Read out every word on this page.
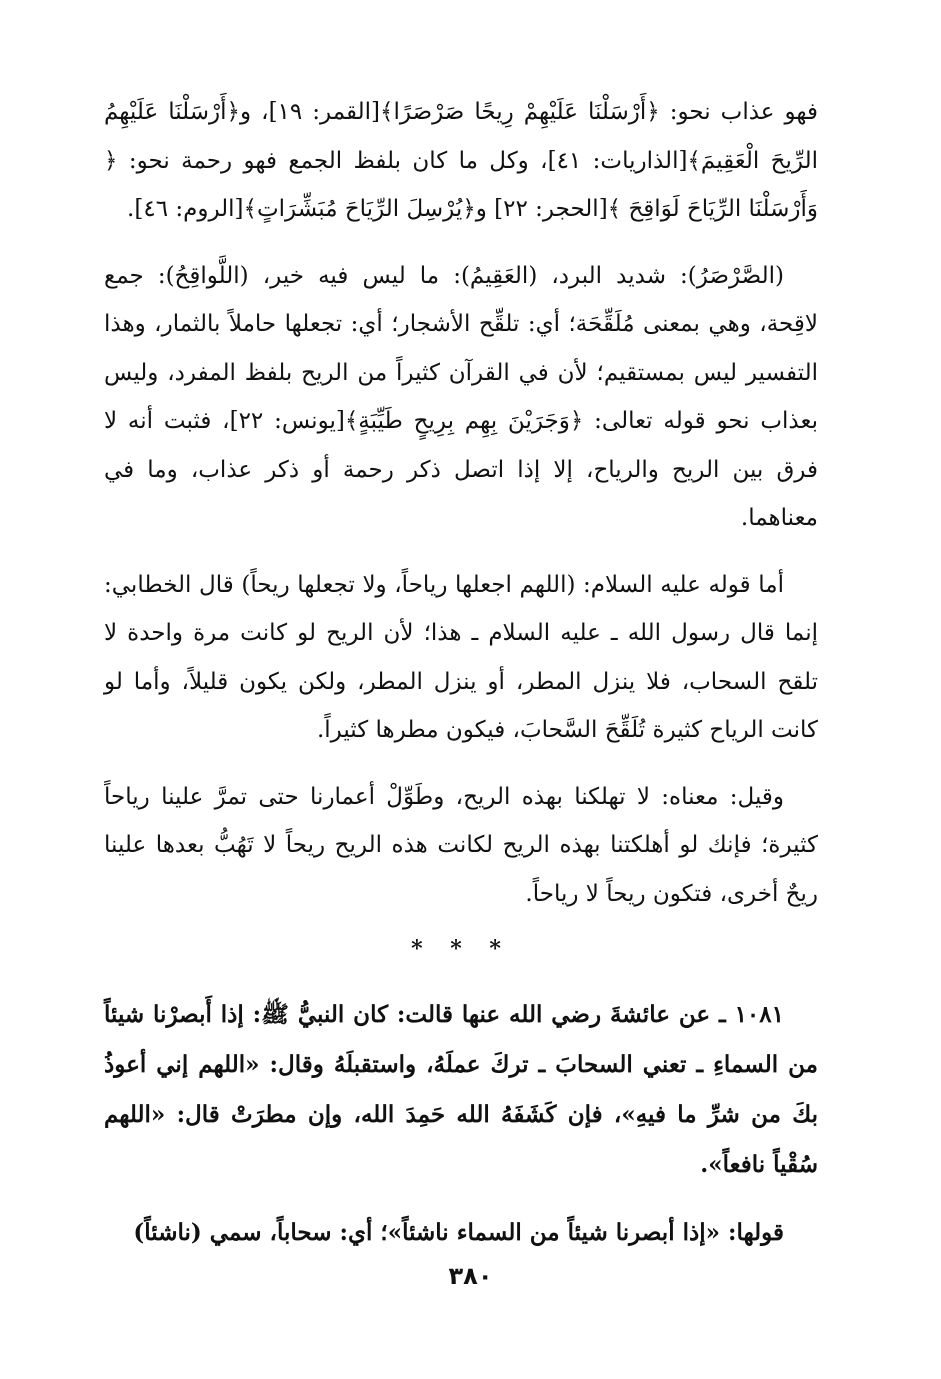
فهو عذاب نحو: ﴿أَرْسَلْنَا عَلَيْهِمْ رِيحًا صَرْصَرًا﴾[القمر: ١٩]، و﴿أَرْسَلْنَا عَلَيْهِمُ الرِّيحَ الْعَقِيمَ﴾[الذاريات: ٤١]، وكل ما كان بلفظ الجمع فهو رحمة نحو: ﴿ وَأَرْسَلْنَا الرِّيَاحَ لَوَاقِحَ ﴾[الحجر: ٢٢] و﴿يُرْسِلَ الرِّيَاحَ مُبَشِّرَاتٍ﴾[الروم: ٤٦].

(الصَّرْصَرُ): شديد البرد، (العَقِيمُ): ما ليس فيه خير، (اللَّواقِحُ): جمع لاقِحة، وهي بمعنى مُلَقِّحَة؛ أي: تلقِّح الأشجار؛ أي: تجعلها حاملاً بالثمار، وهذا التفسير ليس بمستقيم؛ لأن في القرآن كثيراً من الريح بلفظ المفرد، وليس بعذاب نحو قوله تعالى: ﴿وَجَرَيْنَ بِهِم بِرِيحٍ طَيِّبَةٍ﴾[يونس: ٢٢]، فثبت أنه لا فرق بين الريح والرياح، إلا إذا اتصل ذكر رحمة أو ذكر عذاب، وما في معناهما.

أما قوله عليه السلام: (اللهم اجعلها رياحاً، ولا تجعلها ريحاً) قال الخطابي: إنما قال رسول الله ـ عليه السلام ـ هذا؛ لأن الريح لو كانت مرة واحدة لا تلقح السحاب، فلا ينزل المطر، أو ينزل المطر، ولكن يكون قليلاً، وأما لو كانت الرياح كثيرة تُلَقِّحَ السَّحابَ، فيكون مطرها كثيراً.

وقيل: معناه: لا تهلكنا بهذه الريح، وطَوِّلْ أعمارنا حتى تمرَّ علينا رياحاً كثيرة؛ فإنك لو أهلكتنا بهذه الريح لكانت هذه الريح ريحاً لا تَهُبُّ بعدها علينا ريحٌ أخرى، فتكون ريحاً لا رياحاً.

* * *

١٠٨١ ـ عن عائشةَ رضي الله عنها قالت: كان النبيُّ ﷺ: إذا أَبصرْنا شيئاً من السماءِ ـ تعني السحابَ ـ تركَ عملَهُ، واستقبلَهُ وقال: «اللهم إني أعوذُ بكَ من شرِّ ما فيهِ»، فإن كَشَفَهُ الله حَمِدَ الله، وإن مطرَتْ قال: «اللهم سُقْياً نافعاً».

قولها: «إذا أبصرنا شيئاً من السماء ناشئاً»؛ أي: سحاباً، سمي (ناشئاً)

٣٨٠
